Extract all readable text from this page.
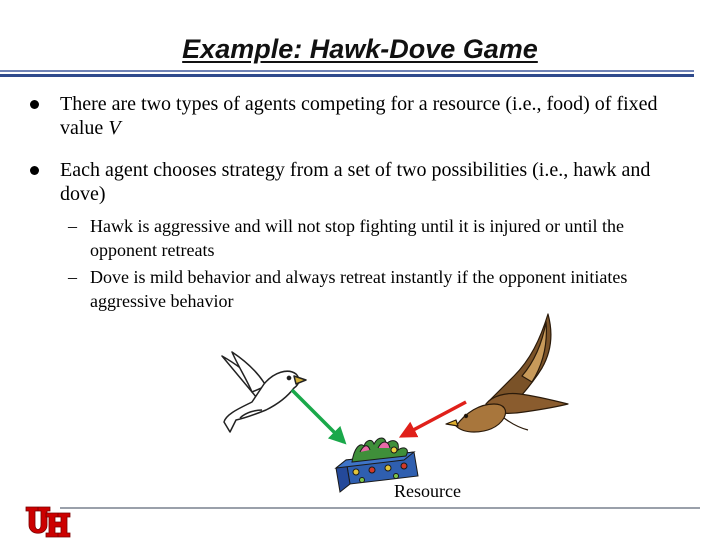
Example: Hawk-Dove Game
There are two types of agents competing for a resource (i.e., food) of fixed value V
Each agent chooses strategy from a set of two possibilities (i.e., hawk and dove)
– Hawk is aggressive and will not stop fighting until it is injured or until the opponent retreats
– Dove is mild behavior and always retreat instantly if the opponent initiates aggressive behavior
Resource
